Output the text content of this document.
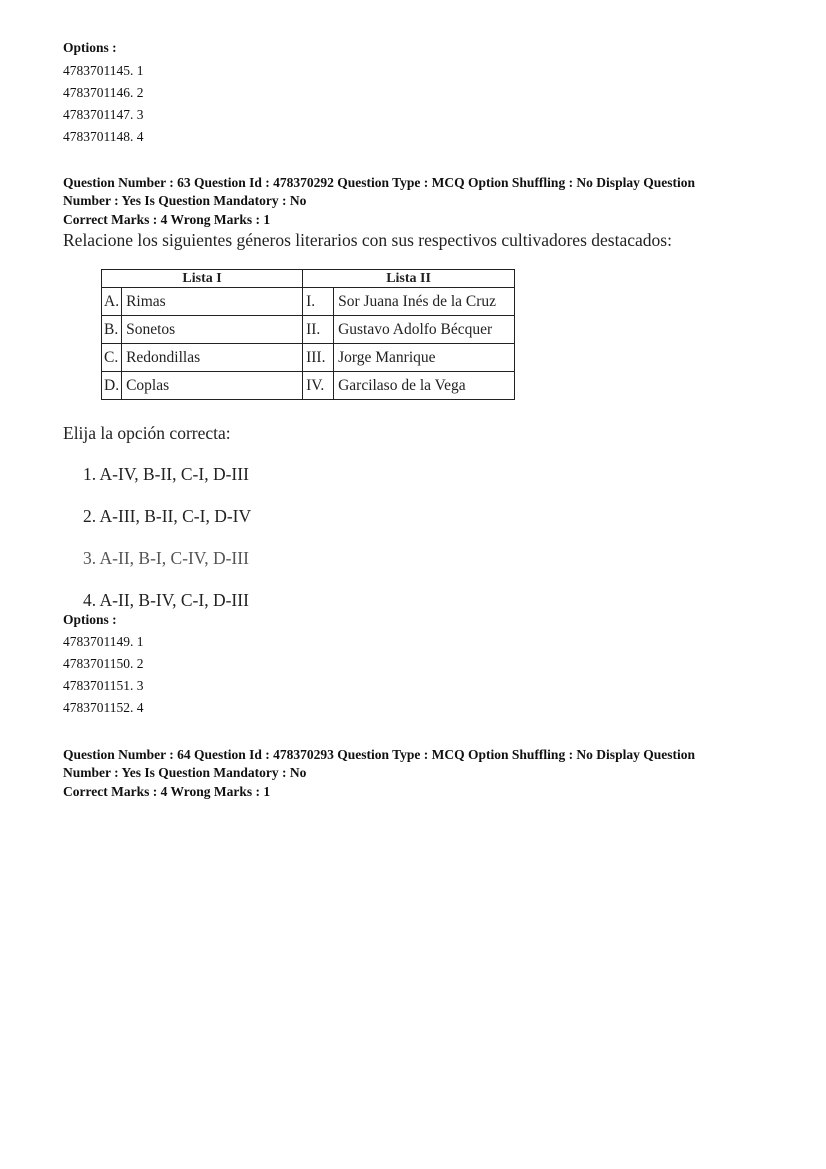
Options :
4783701145. 1
4783701146. 2
4783701147. 3
4783701148. 4
Question Number : 63 Question Id : 478370292 Question Type : MCQ Option Shuffling : No Display Question
Number : Yes Is Question Mandatory : No
Correct Marks : 4 Wrong Marks : 1
Relacione los siguientes géneros literarios con sus respectivos cultivadores destacados:
Lista I		Lista II	
A.	Rimas	I.	Sor Juana Inés de la Cruz
B.	Sonetos	II.	Gustavo Adolfo Bécquer
C.	Redondillas	III.	Jorge Manrique
D.	Coplas	IV.	Garcilaso de la Vega
Elija la opción correcta:
1. A-IV, B-II, C-I, D-III
2. A-III, B-II, C-I, D-IV
3. A-II, B-I, C-IV, D-III
4. A-II, B-IV, C-I, D-III
Options :
4783701149. 1
4783701150. 2
4783701151. 3
4783701152. 4
Question Number : 64 Question Id : 478370293 Question Type : MCQ Option Shuffling : No Display Question
Number : Yes Is Question Mandatory : No
Correct Marks : 4 Wrong Marks : 1
